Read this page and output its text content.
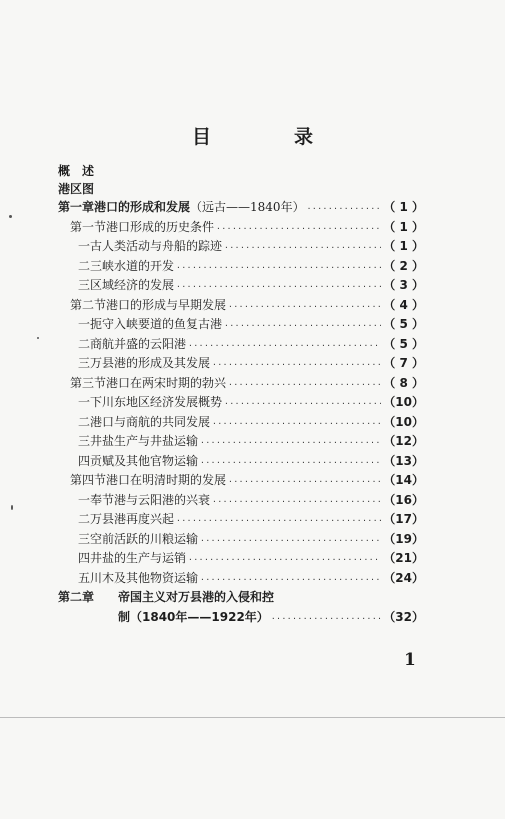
目　录
概　述
港区图
第一章 港口的形成和发展 （远古——1840年） ·····	（ 1 ）
第一节 港口形成的历史条件 ·····	（ 1 ）
一 古人类活动与舟船的踪迹 ·····	（ 1 ）
二 三峡水道的开发 ·····	（ 2 ）
三 区域经济的发展 ·····	（ 3 ）
第二节 港口的形成与早期发展 ·····	（ 4 ）
一 扼守入峡要道的鱼复古港 ·····	（ 5 ）
二 商航并盛的云阳港 ·····	（ 5 ）
三 万县港的形成及其发展 ·····	（ 7 ）
第三节 港口在两宋时期的勃兴 ·····	（ 8 ）
一 下川东地区经济发展概势 ·····	（10）
二 港口与商航的共同发展 ·····	（10）
三 井盐生产与井盐运输 ·····	（12）
四 贡赋及其他官物运输 ·····	（13）
第四节 港口在明清时期的发展 ·····	（14）
一 奉节港与云阳港的兴衰 ·····	（16）
二 万县港再度兴起 ·····	（17）
三 空前活跃的川粮运输 ·····	（19）
四 井盐的生产与运销 ·····	（21）
五 川木及其他物资运输 ·····	（24）
第二章	帝国主义对万县港的入侵和控
制（1840年——1922年） ·····	（32）
1
